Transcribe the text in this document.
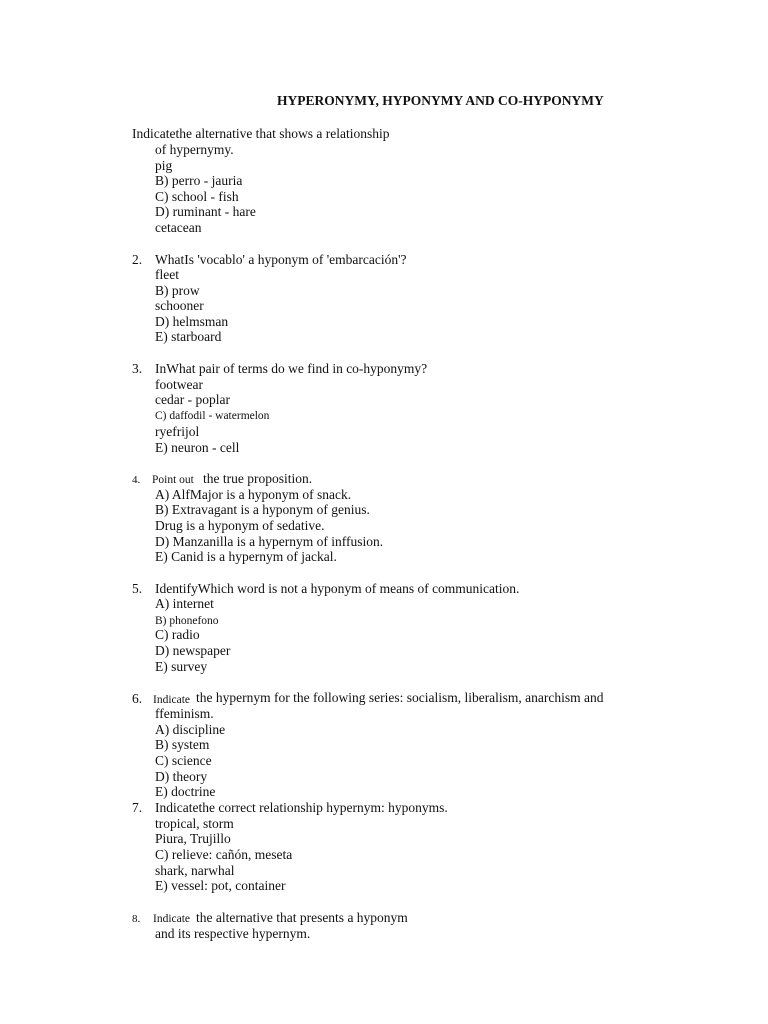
HYPERONYMY, HYPONYMY AND CO-HYPONYMY
Indicatethe alternative that shows a relationship
of hypernymy.
pig
B) perro - jauria
C) school - fish
D) ruminant - hare
cetacean
2. WhatIs 'vocablo' a hyponym of 'embarcación'?
fleet
B) prow
schooner
D) helmsman
E) starboard
3. InWhat pair of terms do we find in co-hyponymy?
footwear
cedar - poplar
C) daffodil - watermelon
ryefrijol
E) neuron - cell
4. Point out the true proposition.
A) AlfMajor is a hyponym of snack.
B) Extravagant is a hyponym of genius.
Drug is a hyponym of sedative.
D) Manzanilla is a hypernym of inffusion.
E) Canid is a hypernym of jackal.
5. IdentifyWhich word is not a hyponym of means of communication.
A) internet
B) phonefono
C) radio
D) newspaper
E) survey
6. Indicate the hypernym for the following series: socialism, liberalism, anarchism and
ffeminism.
A) discipline
B) system
C) science
D) theory
E) doctrine
7. Indicatethe correct relationship hypernym: hyponyms.
tropical, storm
Piura, Trujillo
C) relieve: cañón, meseta
shark, narwhal
E) vessel: pot, container
8. Indicate the alternative that presents a hyponym
and its respective hypernym.
